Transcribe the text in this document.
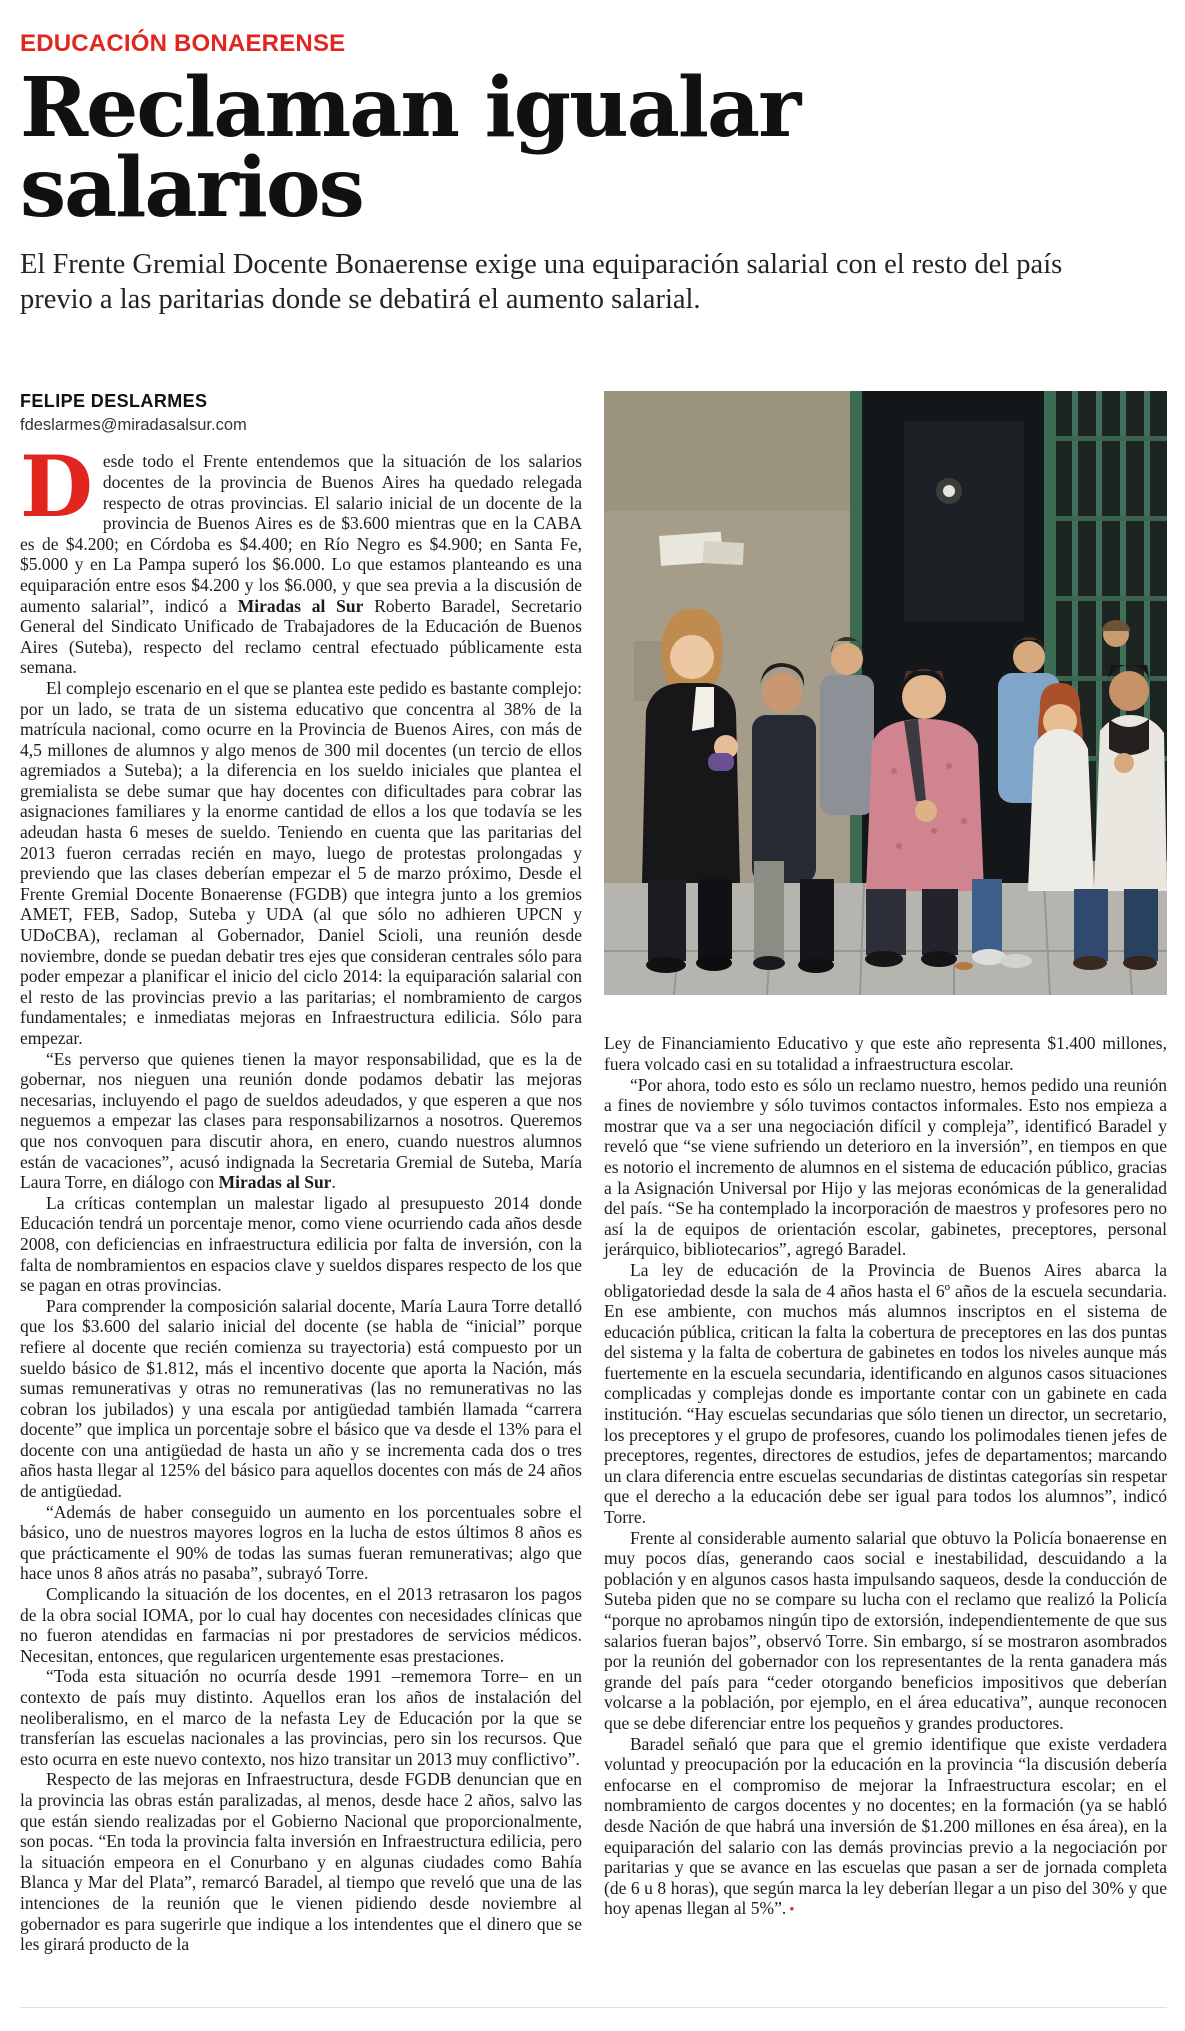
EDUCACIÓN BONAERENSE
Reclaman igualar salarios

El Frente Gremial Docente Bonaerense exige una equiparación salarial con el resto del país previo a las paritarias donde se debatirá el aumento salarial.

FELIPE DESLARMES
fdeslarmes@miradasalsur.com

Desde todo el Frente entendemos que la situación de los salarios docentes de la provincia de Buenos Aires ha quedado relegada respecto de otras provincias. El salario inicial de un docente de la provincia de Buenos Aires es de $3.600 mientras que en la CABA es de $4.200; en Córdoba es $4.400; en Río Negro es $4.900; en Santa Fe, $5.000 y en La Pampa superó los $6.000. Lo que estamos planteando es una equiparación entre esos $4.200 y los $6.000, y que sea previa a la discusión de aumento salarial”, indicó a Miradas al Sur Roberto Baradel, Secretario General del Sindicato Unificado de Trabajadores de la Educación de Buenos Aires (Suteba), respecto del reclamo central efectuado públicamente esta semana.

El complejo escenario en el que se plantea este pedido es bastante complejo: por un lado, se trata de un sistema educativo que concentra al 38% de la matrícula nacional, como ocurre en la Provincia de Buenos Aires, con más de 4,5 millones de alumnos y algo menos de 300 mil docentes (un tercio de ellos agremiados a Suteba); a la diferencia en los sueldo iniciales que plantea el gremialista se debe sumar que hay docentes con dificultades para cobrar las asignaciones familiares y la enorme cantidad de ellos a los que todavía se les adeudan hasta 6 meses de sueldo. Teniendo en cuenta que las paritarias del 2013 fueron cerradas recién en mayo, luego de protestas prolongadas y previendo que las clases deberían empezar el 5 de marzo próximo, Desde el Frente Gremial Docente Bonaerense (FGDB) que integra junto a los gremios AMET, FEB, Sadop, Suteba y UDA (al que sólo no adhieren UPCN y UDoCBA), reclaman al Gobernador, Daniel Scioli, una reunión desde noviembre, donde se puedan debatir tres ejes que consideran centrales sólo para poder empezar a planificar el inicio del ciclo 2014: la equiparación salarial con el resto de las provincias previo a las paritarias; el nombramiento de cargos fundamentales; e inmediatas mejoras en Infraestructura edilicia. Sólo para empezar.

“Es perverso que quienes tienen la mayor responsabilidad, que es la de gobernar, nos nieguen una reunión donde podamos debatir las mejoras necesarias, incluyendo el pago de sueldos adeudados, y que esperen a que nos neguemos a empezar las clases para responsabilizarnos a nosotros. Queremos que nos convoquen para discutir ahora, en enero, cuando nuestros alumnos están de vacaciones”, acusó indignada la Secretaria Gremial de Suteba, María Laura Torre, en diálogo con Miradas al Sur.

La críticas contemplan un malestar ligado al presupuesto 2014 donde Educación tendrá un porcentaje menor, como viene ocurriendo cada años desde 2008, con deficiencias en infraestructura edilicia por falta de inversión, con la falta de nombramientos en espacios clave y sueldos dispares respecto de los que se pagan en otras provincias.

Para comprender la composición salarial docente, María Laura Torre detalló que los $3.600 del salario inicial del docente (se habla de “inicial” porque refiere al docente que recién comienza su trayectoria) está compuesto por un sueldo básico de $1.812, más el incentivo docente que aporta la Nación, más sumas remunerativas y otras no remunerativas (las no remunerativas no las cobran los jubilados) y una escala por antigüedad también llamada “carrera docente” que implica un porcentaje sobre el básico que va desde el 13% para el docente con una antigüedad de hasta un año y se incrementa cada dos o tres años hasta llegar al 125% del básico para aquellos docentes con más de 24 años de antigüedad.

“Además de haber conseguido un aumento en los porcentuales sobre el básico, uno de nuestros mayores logros en la lucha de estos últimos 8 años es que prácticamente el 90% de todas las sumas fueran remunerativas; algo que hace unos 8 años atrás no pasaba”, subrayó Torre.

Complicando la situación de los docentes, en el 2013 retrasaron los pagos de la obra social IOMA, por lo cual hay docentes con necesidades clínicas que no fueron atendidas en farmacias ni por prestadores de servicios médicos. Necesitan, entonces, que regularicen urgentemente esas prestaciones.

“Toda esta situación no ocurría desde 1991 –rememora Torre– en un contexto de país muy distinto. Aquellos eran los años de instalación del neoliberalismo, en el marco de la nefasta Ley de Educación por la que se transferían las escuelas nacionales a las provincias, pero sin los recursos. Que esto ocurra en este nuevo contexto, nos hizo transitar un 2013 muy conflictivo”.

Respecto de las mejoras en Infraestructura, desde FGDB denuncian que en la provincia las obras están paralizadas, al menos, desde hace 2 años, salvo las que están siendo realizadas por el Gobierno Nacional que proporcionalmente, son pocas. “En toda la provincia falta inversión en Infraestructura edilicia, pero la situación empeora en el Conurbano y en algunas ciudades como Bahía Blanca y Mar del Plata”, remarcó Baradel, al tiempo que reveló que una de las intenciones de la reunión que le vienen pidiendo desde noviembre al gobernador es para sugerirle que indique a los intendentes que el dinero que se les girará producto de la

Ley de Financiamiento Educativo y que este año representa $1.400 millones, fuera volcado casi en su totalidad a infraestructura escolar.

“Por ahora, todo esto es sólo un reclamo nuestro, hemos pedido una reunión a fines de noviembre y sólo tuvimos contactos informales. Esto nos empieza a mostrar que va a ser una negociación difícil y compleja”, identificó Baradel y reveló que “se viene sufriendo un deterioro en la inversión”, en tiempos en que es notorio el incremento de alumnos en el sistema de educación público, gracias a la Asignación Universal por Hijo y las mejoras económicas de la generalidad del país. “Se ha contemplado la incorporación de maestros y profesores pero no así la de equipos de orientación escolar, gabinetes, preceptores, personal jerárquico, bibliotecarios”, agregó Baradel.

La ley de educación de la Provincia de Buenos Aires abarca la obligatoriedad desde la sala de 4 años hasta el 6º años de la escuela secundaria. En ese ambiente, con muchos más alumnos inscriptos en el sistema de educación pública, critican la falta la cobertura de preceptores en las dos puntas del sistema y la falta de cobertura de gabinetes en todos los niveles aunque más fuertemente en la escuela secundaria, identificando en algunos casos situaciones complicadas y complejas donde es importante contar con un gabinete en cada institución. “Hay escuelas secundarias que sólo tienen un director, un secretario, los preceptores y el grupo de profesores, cuando los polimodales tienen jefes de preceptores, regentes, directores de estudios, jefes de departamentos; marcando un clara diferencia entre escuelas secundarias de distintas categorías sin respetar que el derecho a la educación debe ser igual para todos los alumnos”, indicó Torre.

Frente al considerable aumento salarial que obtuvo la Policía bonaerense en muy pocos días, generando caos social e inestabilidad, descuidando a la población y en algunos casos hasta impulsando saqueos, desde la conducción de Suteba piden que no se compare su lucha con el reclamo que realizó la Policía “porque no aprobamos ningún tipo de extorsión, independientemente de que sus salarios fueran bajos”, observó Torre. Sin embargo, sí se mostraron asombrados por la reunión del gobernador con los representantes de la renta ganadera más grande del país para “ceder otorgando beneficios impositivos que deberían volcarse a la población, por ejemplo, en el área educativa”, aunque reconocen que se debe diferenciar entre los pequeños y grandes productores.

Baradel señaló que para que el gremio identifique que existe verdadera voluntad y preocupación por la educación en la provincia “la discusión debería enfocarse en el compromiso de mejorar la Infraestructura escolar; en el nombramiento de cargos docentes y no docentes; en la formación (ya se habló desde Nación de que habrá una inversión de $1.200 millones en ésa área), en la equiparación del salario con las demás provincias previo a la negociación por paritarias y que se avance en las escuelas que pasan a ser de jornada completa (de 6 u 8 horas), que según marca la ley deberían llegar a un piso del 30% y que hoy apenas llegan al 5%”. •
